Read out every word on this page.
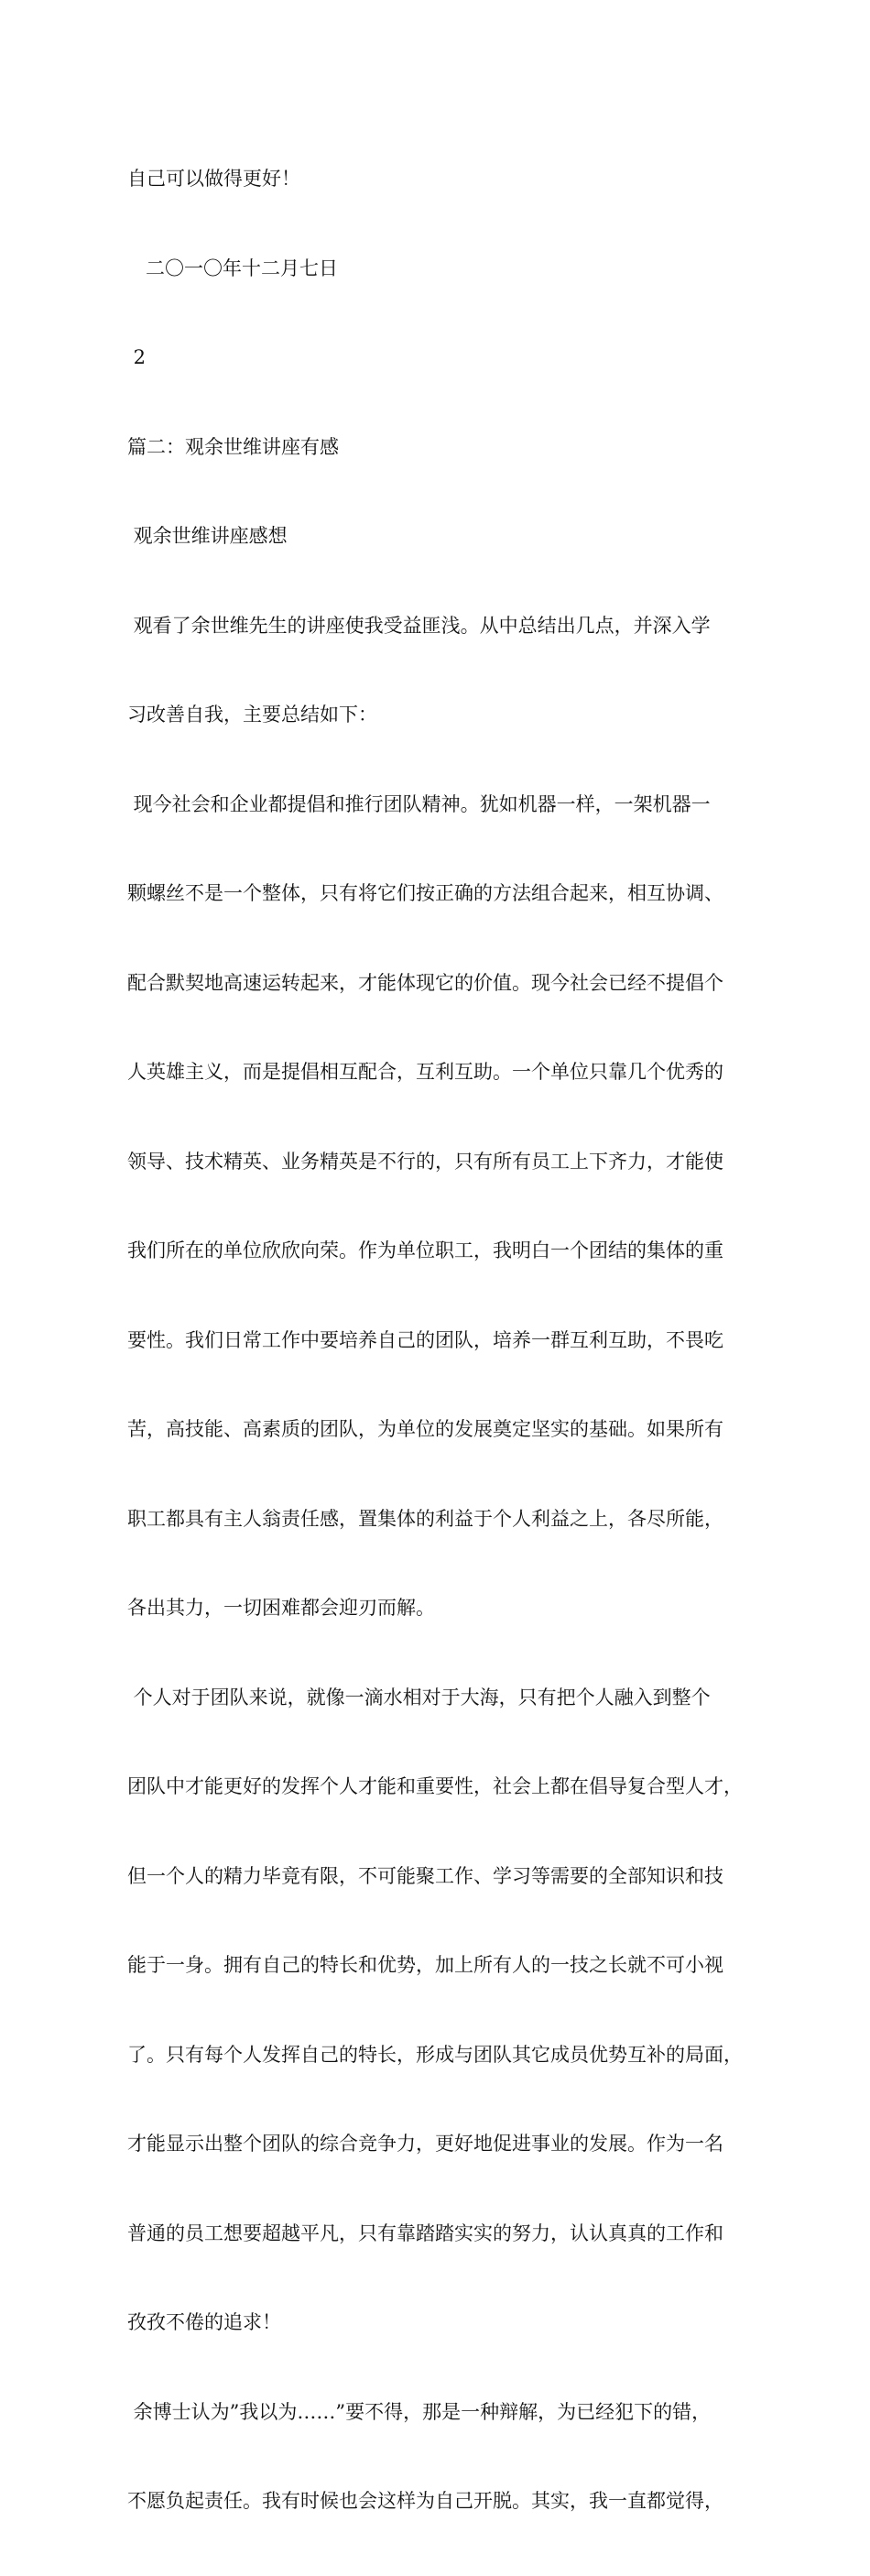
自己可以做得更好！

二〇一〇年十二月七日

2

篇二：观余世维讲座有感

观余世维讲座感想

观看了余世维先生的讲座使我受益匪浅。从中总结出几点，并深入学

习改善自我，主要总结如下：

现今社会和企业都提倡和推行团队精神。犹如机器一样，一架机器一

颗螺丝不是一个整体，只有将它们按正确的方法组合起来，相互协调、

配合默契地高速运转起来，才能体现它的价值。现今社会已经不提倡个

人英雄主义，而是提倡相互配合，互利互助。一个单位只靠几个优秀的

领导、技术精英、业务精英是不行的，只有所有员工上下齐力，才能使

我们所在的单位欣欣向荣。作为单位职工，我明白一个团结的集体的重

要性。我们日常工作中要培养自己的团队，培养一群互利互助，不畏吃

苦，高技能、高素质的团队，为单位的发展奠定坚实的基础。如果所有

职工都具有主人翁责任感，置集体的利益于个人利益之上，各尽所能，

各出其力，一切困难都会迎刃而解。

个人对于团队来说，就像一滴水相对于大海，只有把个人融入到整个

团队中才能更好的发挥个人才能和重要性，社会上都在倡导复合型人才，

但一个人的精力毕竟有限，不可能聚工作、学习等需要的全部知识和技

能于一身。拥有自己的特长和优势，加上所有人的一技之长就不可小视

了。只有每个人发挥自己的特长，形成与团队其它成员优势互补的局面，

才能显示出整个团队的综合竞争力，更好地促进事业的发展。作为一名

普通的员工想要超越平凡，只有靠踏踏实实的努力，认认真真的工作和

孜孜不倦的追求！

余博士认为”我以为……”要不得，那是一种辩解，为已经犯下的错，

不愿负起责任。我有时候也会这样为自己开脱。其实，我一直都觉得，
